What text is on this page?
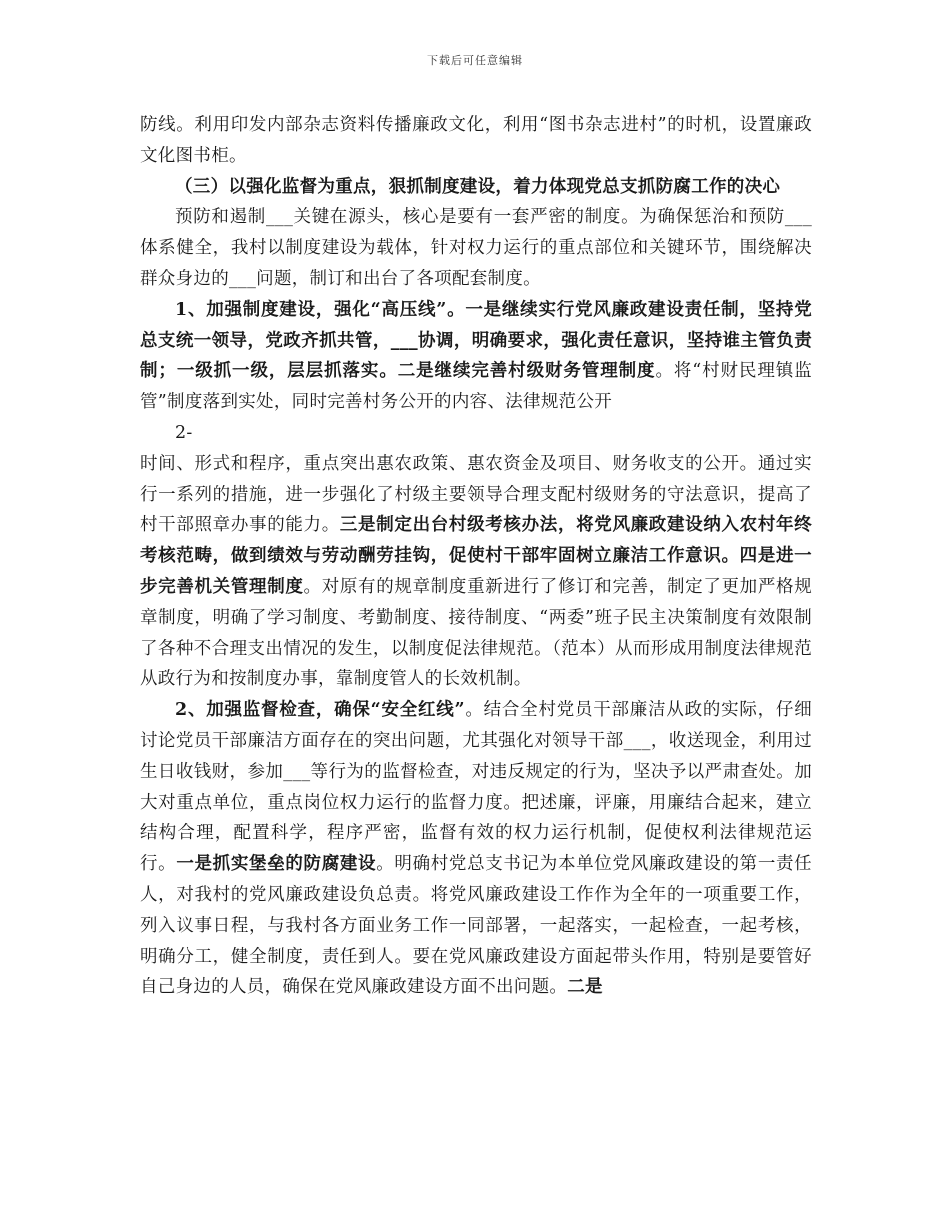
下载后可任意编辑

防线。利用印发内部杂志资料传播廉政文化，利用“图书杂志进村”的时机，设置廉政文化图书柜。

（三）以强化监督为重点，狠抓制度建设，着力体现党总支抓防腐工作的决心

预防和遏制___关键在源头，核心是要有一套严密的制度。为确保惩治和预防___体系健全，我村以制度建设为载体，针对权力运行的重点部位和关键环节，围绕解决群众身边的___问题，制订和出台了各项配套制度。

1、加强制度建设，强化“高压线”。一是继续实行党风廉政建设责任制，坚持党总支统一领导，党政齐抓共管，___协调，明确要求，强化责任意识，坚持谁主管负责制；一级抓一级，层层抓落实。二是继续完善村级财务管理制度。将“村财民理镇监管”制度落到实处，同时完善村务公开的内容、法律规范公开

2-

时间、形式和程序，重点突出惠农政策、惠农资金及项目、财务收支的公开。通过实行一系列的措施，进一步强化了村级主要领导合理支配村级财务的守法意识，提高了村干部照章办事的能力。三是制定出台村级考核办法，将党风廉政建设纳入农村年终考核范畴，做到绩效与劳动酬劳挂钩，促使村干部牢固树立廉洁工作意识。四是进一步完善机关管理制度。对原有的规章制度重新进行了修订和完善，制定了更加严格规章制度，明确了学习制度、考勤制度、接待制度、“两委”班子民主决策制度有效限制了各种不合理支出情况的发生，以制度促法律规范。（范本）从而形成用制度法律规范从政行为和按制度办事，靠制度管人的长效机制。

2、加强监督检查，确保“安全红线”。结合全村党员干部廉洁从政的实际，仔细讨论党员干部廉洁方面存在的突出问题，尤其强化对领导干部___，收送现金，利用过生日收钱财，参加___等行为的监督检查，对违反规定的行为，坚决予以严肃查处。加大对重点单位，重点岗位权力运行的监督力度。把述廉，评廉，用廉结合起来，建立结构合理，配置科学，程序严密，监督有效的权力运行机制，促使权利法律规范运行。一是抓实堡垒的防腐建设。明确村党总支书记为本单位党风廉政建设的第一责任人，对我村的党风廉政建设负总责。将党风廉政建设工作作为全年的一项重要工作，列入议事日程，与我村各方面业务工作一同部署，一起落实，一起检查，一起考核，明确分工，健全制度，责任到人。要在党风廉政建设方面起带头作用，特别是要管好自己身边的人员，确保在党风廉政建设方面不出问题。二是
